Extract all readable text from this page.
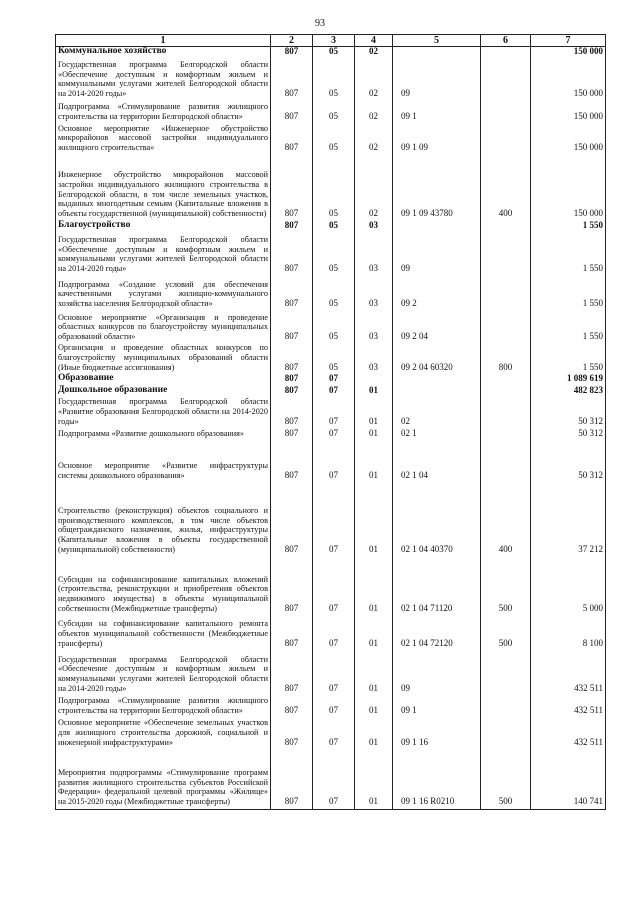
93
1	2	3	4	5	6	7
Коммунальное хозяйство	807	05	02			150 000
Государственная программа Белгородской области «Обеспечение доступным и комфортным жильем и коммунальными услугами жителей Белгородской области на 2014-2020 годы»	807	05	02	09		150 000
Подпрограмма «Стимулирование развития жилищного строительства на территории Белгородской области»	807	05	02	09 1		150 000
Основное мероприятие «Инженерное обустройство микрорайонов массовой застройки индивидуального жилищного строительства»	807	05	02	09 1 09		150 000
Инженерное обустройство микрорайонов массовой застройки индивидуального жилищного строительства в Белгородской области, в том числе земельных участков, выданных многодетным семьям (Капитальные вложения в объекты государственной (муниципальной) собственности)	807	05	02	09 1 09 43780	400	150 000
Благоустройство	807	05	03			1 550
Государственная программа Белгородской области «Обеспечение доступным и комфортным жильем и коммунальными услугами жителей Белгородской области на 2014-2020 годы»	807	05	03	09		1 550
Подпрограмма «Создание условий для обеспечения качественными услугами жилищно-коммунального хозяйства населения Белгородской области»	807	05	03	09 2		1 550
Основное мероприятие «Организация и проведение областных конкурсов по благоустройству муниципальных образований области»	807	05	03	09 2 04		1 550
Организация и проведение областных конкурсов по благоустройству муниципальных образований области (Иные бюджетные ассигнования)	807	05	03	09 2 04 60320	800	1 550
Образование	807	07				1 089 619
Дошкольное образование	807	07	01			482 823
Государственная программа Белгородской области «Развитие образования Белгородской области на 2014-2020 годы»	807	07	01	02		50 312
Подпрограмма «Развитие дошкольного образования»	807	07	01	02 1		50 312
Основное мероприятие «Развитие инфраструктуры системы дошкольного образования»	807	07	01	02 1 04		50 312
Строительство (реконструкция) объектов социального и производственного комплексов, в том числе объектов общегражданского назначения, жилья, инфраструктуры (Капитальные вложения в объекты государственной (муниципальной) собственности)	807	07	01	02 1 04 40370	400	37 212
Субсидии на софинансирование капитальных вложений (строительства, реконструкции и приобретения объектов недвижимого имущества) в объекты муниципальной собственности (Межбюджетные трансферты)	807	07	01	02 1 04 71120	500	5 000
Субсидии на софинансирование капитального ремонта объектов муниципальной собственности (Межбюджетные трансферты)	807	07	01	02 1 04 72120	500	8 100
Государственная программа Белгородской области «Обеспечение доступным и комфортным жильем и коммунальными услугами жителей Белгородской области на 2014-2020 годы»	807	07	01	09		432 511
Подпрограмма «Стимулирование развития жилищного строительства на территории Белгородской области»	807	07	01	09 1		432 511
Основное мероприятие «Обеспечение земельных участков для жилищного строительства дорожной, социальной и инженерной инфраструктурами»	807	07	01	09 1 16		432 511
Мероприятия подпрограммы «Стимулирование программ развития жилищного строительства субъектов Российской Федерации» федеральной целевой программы «Жилище» на 2015-2020 годы (Межбюджетные трансферты)	807	07	01	09 1 16 R0210	500	140 741
